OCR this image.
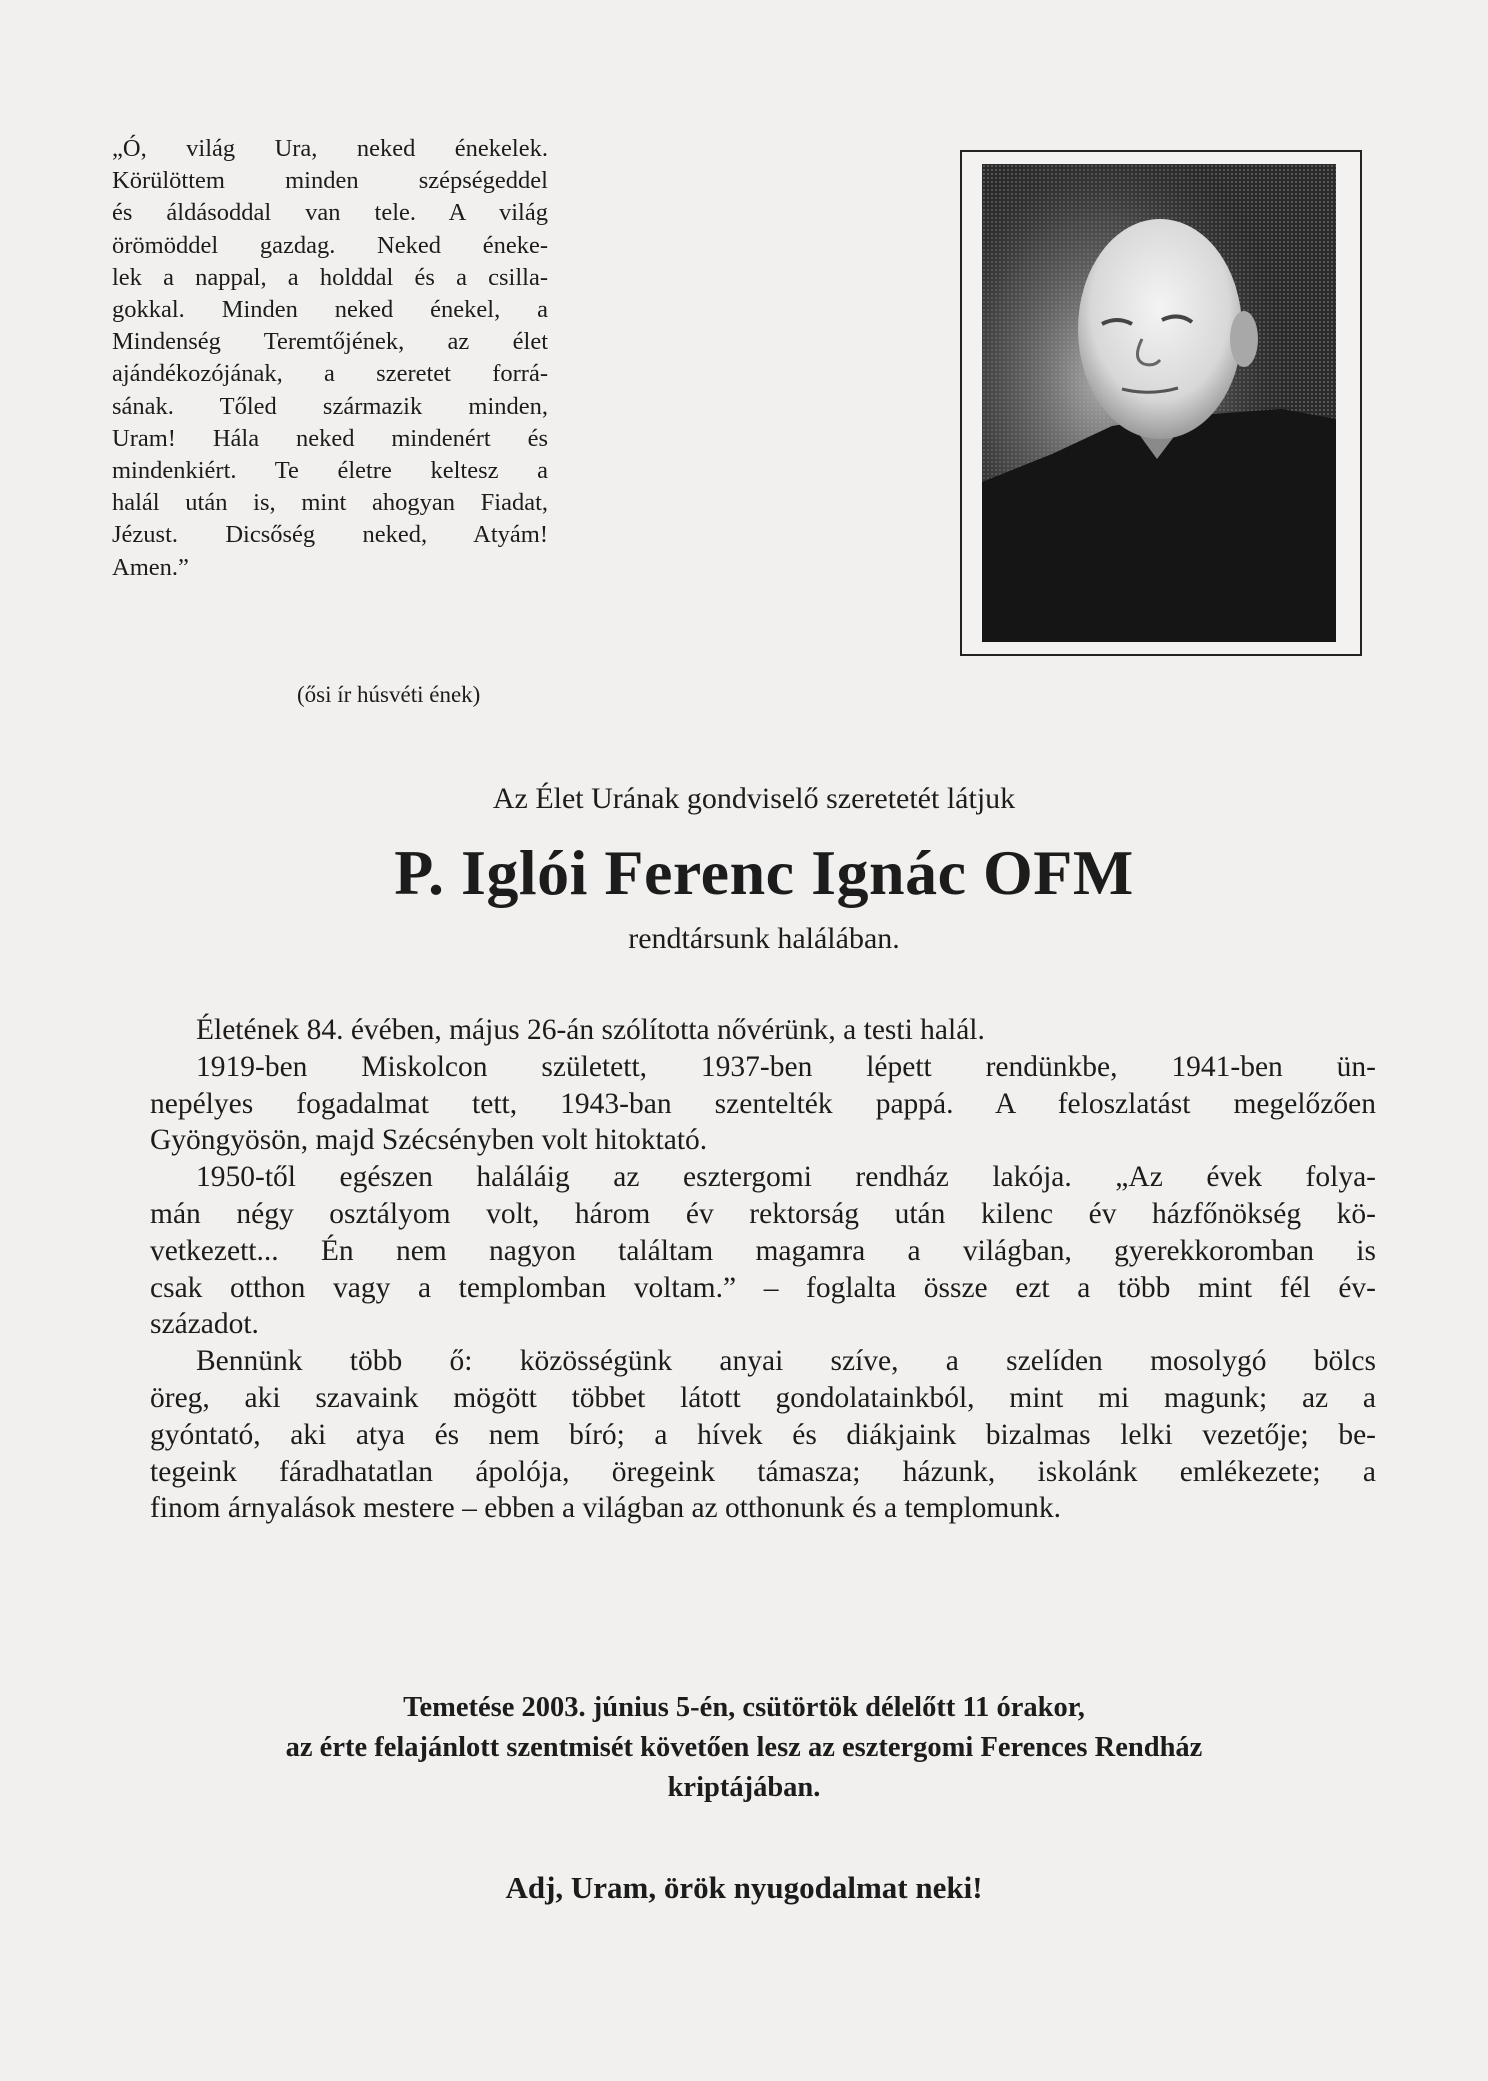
„Ó, világ Ura, neked énekelek.
Körülöttem minden szépségeddel
és áldásoddal van tele. A világ
örömöddel gazdag. Neked éneke-
lek a nappal, a holddal és a csilla-
gokkal. Minden neked énekel, a
Mindenség Teremtőjének, az élet
ajándékozójának, a szeretet forrá-
sának. Tőled származik minden,
Uram! Hála neked mindenért és
mindenkiért. Te életre keltesz a
halál után is, mint ahogyan Fiadat,
Jézust. Dicsőség neked, Atyám!
Amen.”
(ősi ír húsvéti ének)
Az Élet Urának gondviselő szeretetét látjuk
P. Iglói Ferenc Ignác OFM
rendtársunk halálában.
Életének 84. évében, május 26-án szólította nővérünk, a testi halál.
1919-ben Miskolcon született, 1937-ben lépett rendünkbe, 1941-ben ün-
nepélyes fogadalmat tett, 1943-ban szentelték pappá. A feloszlatást megelőzően
Gyöngyösön, majd Szécsényben volt hitoktató.
1950-től egészen haláláig az esztergomi rendház lakója. „Az évek folya-
mán négy osztályom volt, három év rektorság után kilenc év házfőnökség kö-
vetkezett... Én nem nagyon találtam magamra a világban, gyerekkoromban is
csak otthon vagy a templomban voltam.” – foglalta össze ezt a több mint fél év-
századot.
Bennünk több ő: közösségünk anyai szíve, a szelíden mosolygó bölcs
öreg, aki szavaink mögött többet látott gondolatainkból, mint mi magunk; az a
gyóntató, aki atya és nem bíró; a hívek és diákjaink bizalmas lelki vezetője; be-
tegeink fáradhatatlan ápolója, öregeink támasza; házunk, iskolánk emlékezete; a
finom árnyalások mestere – ebben a világban az otthonunk és a templomunk.
Temetése 2003. június 5-én, csütörtök délelőtt 11 órakor,
az érte felajánlott szentmisét követően lesz az esztergomi Ferences Rendház
kriptájában.
Adj, Uram, örök nyugodalmat neki!
